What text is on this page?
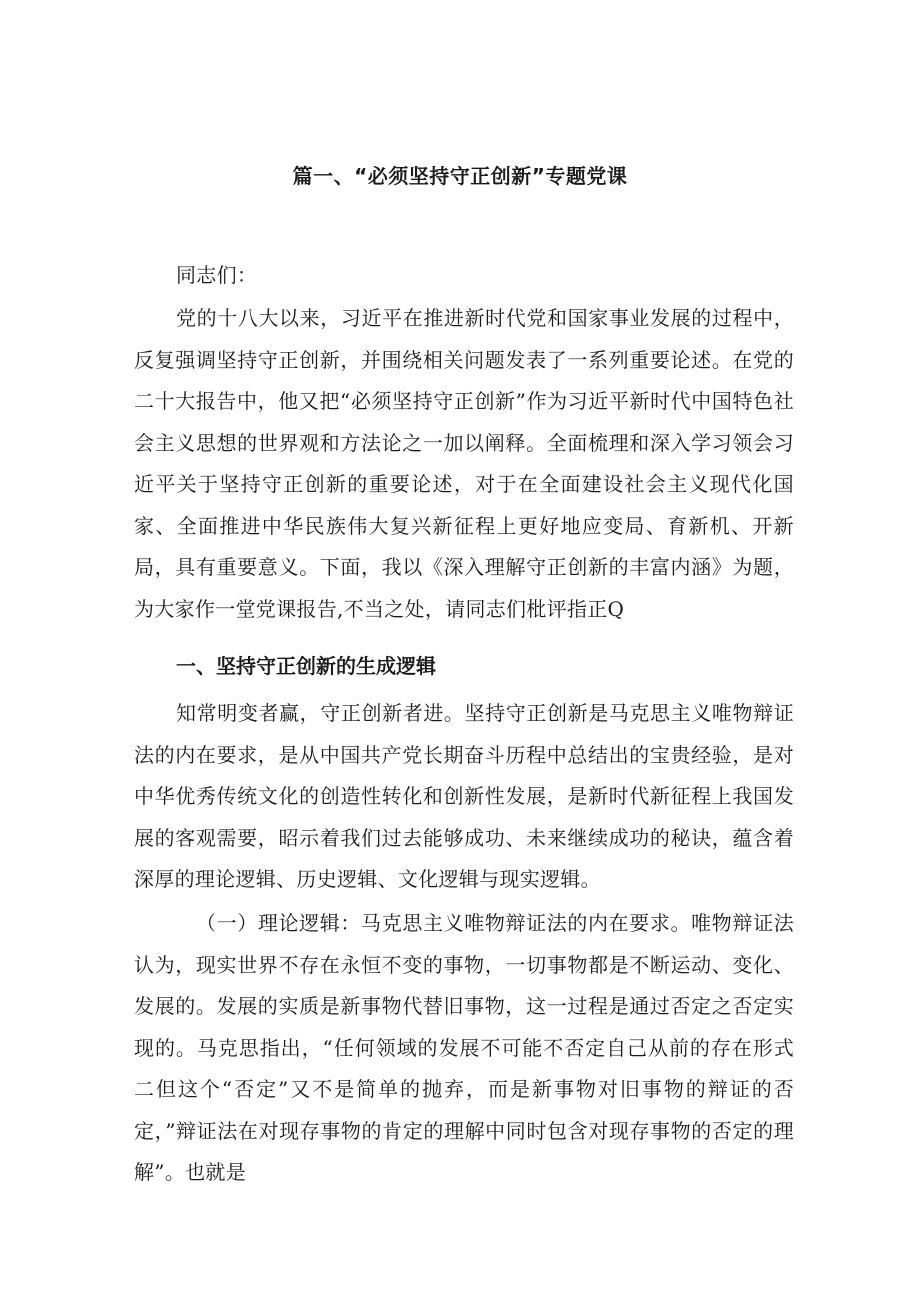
篇一、“必须坚持守正创新”专题党课
同志们：
党的十八大以来，习近平在推进新时代党和国家事业发展的过程中，反复强调坚持守正创新，并围绕相关问题发表了一系列重要论述。在党的二十大报告中，他又把“必须坚持守正创新”作为习近平新时代中国特色社会主义思想的世界观和方法论之一加以阐释。全面梳理和深入学习领会习近平关于坚持守正创新的重要论述，对于在全面建设社会主义现代化国家、全面推进中华民族伟大复兴新征程上更好地应变局、育新机、开新局，具有重要意义。下面，我以《深入理解守正创新的丰富内涵》为题，为大家作一堂党课报告,不当之处，请同志们枇评指正Q
一、坚持守正创新的生成逻辑
知常明变者赢，守正创新者进。坚持守正创新是马克思主义唯物辩证法的内在要求，是从中国共产党长期奋斗历程中总结出的宝贵经验，是对中华优秀传统文化的创造性转化和创新性发展，是新时代新征程上我国发展的客观需要，昭示着我们过去能够成功、未来继续成功的秘诀，蕴含着深厚的理论逻辑、历史逻辑、文化逻辑与现实逻辑。
（一）理论逻辑：马克思主义唯物辩证法的内在要求。唯物辩证法认为，现实世界不存在永恒不变的事物，一切事物都是不断运动、变化、发展的。发展的实质是新事物代替旧事物，这一过程是通过否定之否定实现的。马克思指出，“任何领域的发展不可能不否定自己从前的存在形式二但这个“否定”又不是简单的抛弃，而是新事物对旧事物的辩证的否定，”辩证法在对现存事物的肯定的理解中同时包含对现存事物的否定的理解”。也就是
